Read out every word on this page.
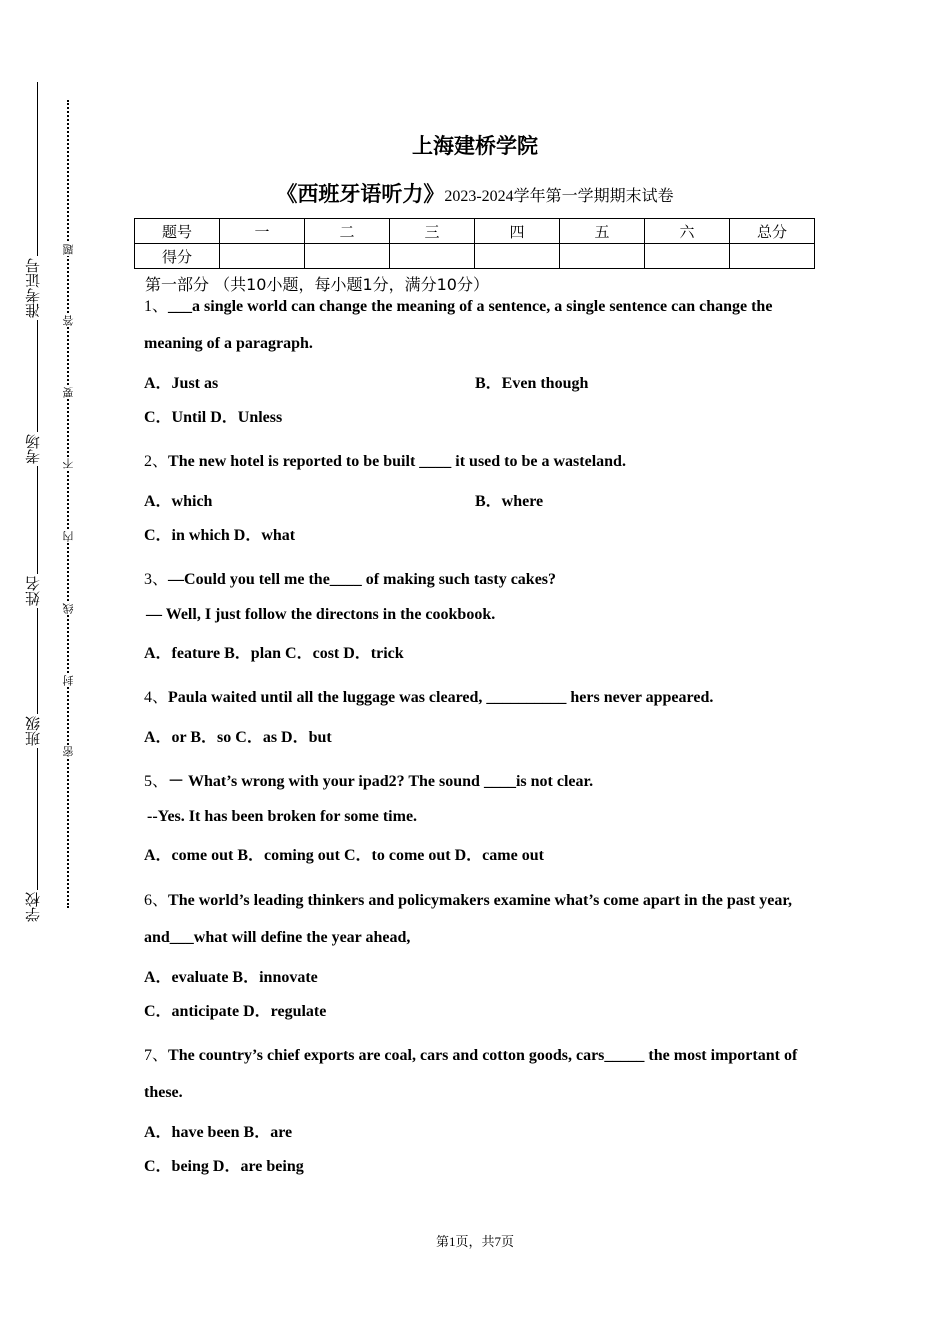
准考证号
考场
姓名
班级
学校
题
答
要
不
内
线
封
密
上海建桥学院
《西班牙语听力》2023-2024学年第一学期期末试卷
题号	一	二	三	四	五	六	总分
得分							
第一部分 （共10小题，每小题1分，满分10分）
1、___a single world can change the meaning of a sentence, a single sentence can change the meaning of a paragraph.
A．Just as	B．Even though
C．Until D．Unless
2、The new hotel is reported to be built ____ it used to be a wasteland.
A．which	B．where
C．in which D．what
3、—Could you tell me the____ of making such tasty cakes?
— Well, I just follow the directons in the cookbook.
A．feature B．plan C．cost D．trick
4、Paula waited until all the luggage was cleared, __________ hers never appeared.
A．or B．so C．as D．but
5、－ What’s wrong with your ipad2? The sound ____is not clear.
--Yes. It has been broken for some time.
A．come out B．coming out C．to come out D．came out
6、The world’s leading thinkers and policymakers examine what’s come apart in the past year, and___what will define the year ahead,
A．evaluate B．innovate
C．anticipate D．regulate
7、The country’s chief exports are coal, cars and cotton goods, cars_____ the most important of these.
A．have been B．are
C．being D．are being
第1页，共7页
